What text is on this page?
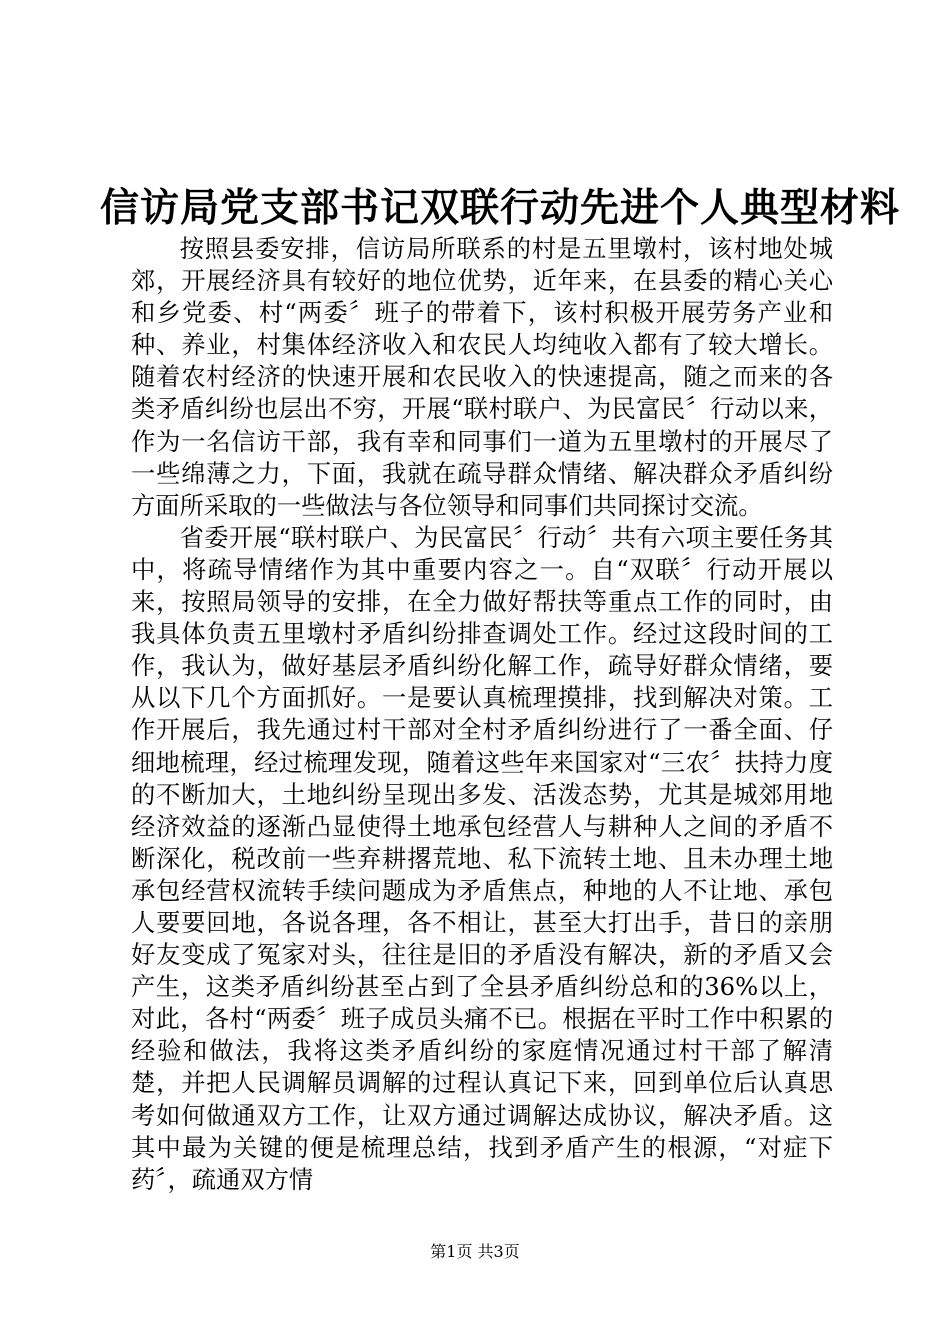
信访局党支部书记双联行动先进个人典型材料

按照县委安排，信访局所联系的村是五里墩村，该村地处城郊，开展经济具有较好的地位优势，近年来，在县委的精心关心和乡党委、村“两委〞班子的带着下，该村积极开展劳务产业和种、养业，村集体经济收入和农民人均纯收入都有了较大增长。随着农村经济的快速开展和农民收入的快速提高，随之而来的各类矛盾纠纷也层出不穷，开展“联村联户、为民富民〞行动以来，作为一名信访干部，我有幸和同事们一道为五里墩村的开展尽了一些绵薄之力，下面，我就在疏导群众情绪、解决群众矛盾纠纷方面所采取的一些做法与各位领导和同事们共同探讨交流。

省委开展“联村联户、为民富民〞行动〞共有六项主要任务其中，将疏导情绪作为其中重要内容之一。自“双联〞行动开展以来，按照局领导的安排，在全力做好帮扶等重点工作的同时，由我具体负责五里墩村矛盾纠纷排查调处工作。经过这段时间的工作，我认为，做好基层矛盾纠纷化解工作，疏导好群众情绪，要从以下几个方面抓好。一是要认真梳理摸排，找到解决对策。工作开展后，我先通过村干部对全村矛盾纠纷进行了一番全面、仔细地梳理，经过梳理发现，随着这些年来国家对“三农〞扶持力度的不断加大，土地纠纷呈现出多发、活泼态势，尤其是城郊用地经济效益的逐渐凸显使得土地承包经营人与耕种人之间的矛盾不断深化，税改前一些弃耕撂荒地、私下流转土地、且未办理土地承包经营权流转手续问题成为矛盾焦点，种地的人不让地、承包人要要回地，各说各理，各不相让，甚至大打出手，昔日的亲朋好友变成了冤家对头，往往是旧的矛盾没有解决，新的矛盾又会产生，这类矛盾纠纷甚至占到了全县矛盾纠纷总和的36%以上，对此，各村“两委〞班子成员头痛不已。根据在平时工作中积累的经验和做法，我将这类矛盾纠纷的家庭情况通过村干部了解清楚，并把人民调解员调解的过程认真记下来，回到单位后认真思考如何做通双方工作，让双方通过调解达成协议，解决矛盾。这其中最为关键的便是梳理总结，找到矛盾产生的根源，“对症下药〞，疏通双方情

第1页 共3页
